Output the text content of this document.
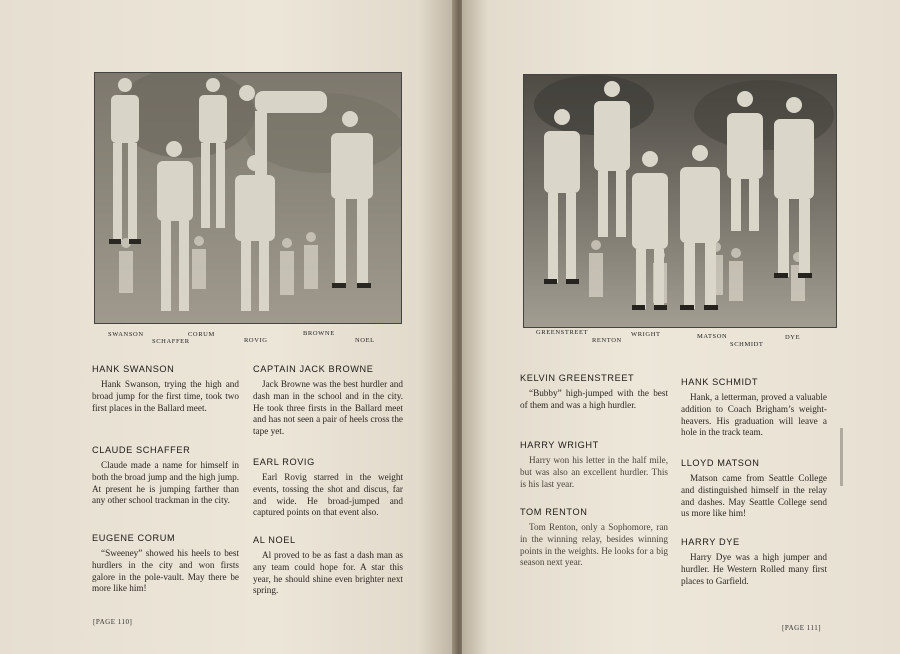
SWANSON	CORUM
SCHAFFER	ROVIG
BROWNE
NOEL
HANK SWANSON

Hank Swanson, trying the high and broad jump for the first time, took two first places in the Ballard meet.

CLAUDE SCHAFFER

Claude made a name for himself in both the broad jump and the high jump. At present he is jumping farther than any other school trackman in the city.

EUGENE CORUM

“Sweeney” showed his heels to best hurdlers in the city and won firsts galore in the pole-vault. May there be more like him!

CAPTAIN JACK BROWNE

Jack Browne was the best hurdler and dash man in the school and in the city. He took three firsts in the Ballard meet and has not seen a pair of heels cross the tape yet.

EARL ROVIG

Earl Rovig starred in the weight events, tossing the shot and discus, far and wide. He broad-jumped and captured points on that event also.

AL NOEL

Al proved to be as fast a dash man as any team could hope for. A star this year, he should shine even brighter next spring.

[PAGE 110]
GREENSTREET
RENTON
WRIGHT	MATSON
SCHMIDT
DYE
KELVIN GREENSTREET

“Bubby” high-jumped with the best of them and was a high hurdler.

HARRY WRIGHT

Harry won his letter in the half mile, but was also an excellent hurdler. This is his last year.

TOM RENTON

Tom Renton, only a Sophomore, ran in the winning relay, besides winning points in the weights. He looks for a big season next year.

HANK SCHMIDT

Hank, a letterman, proved a valuable addition to Coach Brigham’s weight-heavers. His graduation will leave a hole in the track team.

LLOYD MATSON

Matson came from Seattle College and distinguished himself in the relay and dashes. May Seattle College send us more like him!

HARRY DYE

Harry Dye was a high jumper and hurdler. He Western Rolled many first places to Garfield.

[PAGE 111]
